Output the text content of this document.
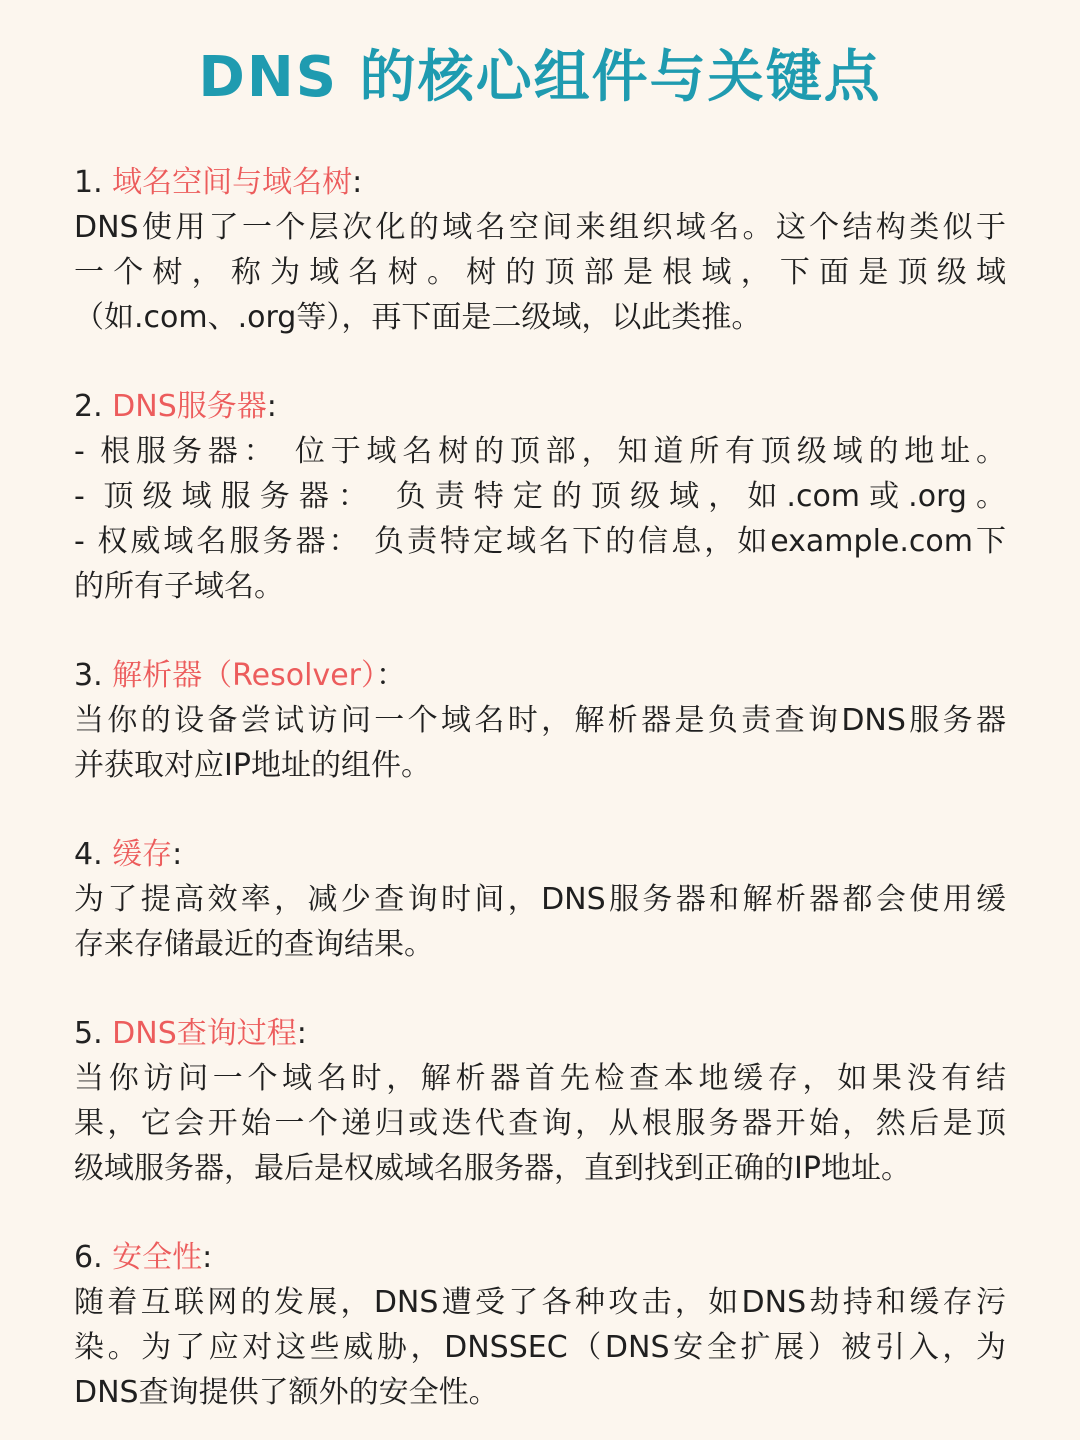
DNS 的核心组件与关键点

1. 域名空间与域名树:

DNS使用了一个层次化的域名空间来组织域名。这个结构类似于
一个树，称为域名树。树的顶部是根域，下面是顶级域
（如.com、.org等），再下面是二级域，以此类推。

2. DNS服务器:

- 根服务器： 位于域名树的顶部，知道所有顶级域的地址。
- 顶级域服务器： 负责特定的顶级域，如.com或.org。
- 权威域名服务器： 负责特定域名下的信息，如example.com下
的所有子域名。

3. 解析器（Resolver）：

当你的设备尝试访问一个域名时，解析器是负责查询DNS服务器
并获取对应IP地址的组件。

4. 缓存:

为了提高效率，减少查询时间，DNS服务器和解析器都会使用缓
存来存储最近的查询结果。

5. DNS查询过程:

当你访问一个域名时，解析器首先检查本地缓存，如果没有结
果，它会开始一个递归或迭代查询，从根服务器开始，然后是顶
级域服务器，最后是权威域名服务器，直到找到正确的IP地址。

6. 安全性:

随着互联网的发展，DNS遭受了各种攻击，如DNS劫持和缓存污
染。为了应对这些威胁，DNSSEC（DNS安全扩展）被引入，为
DNS查询提供了额外的安全性。
